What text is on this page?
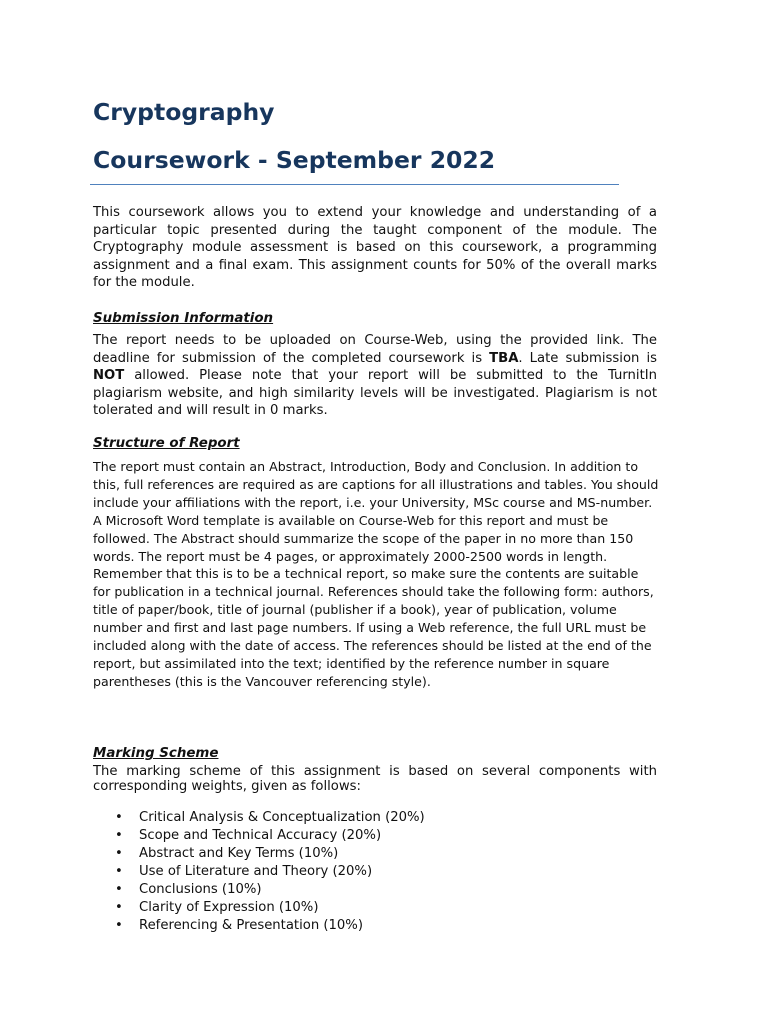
Cryptography
Coursework - September 2022

This coursework allows you to extend your knowledge and understanding of a particular topic presented during the taught component of the module. The Cryptography module assessment is based on this coursework, a programming assignment and a final exam. This assignment counts for 50% of the overall marks for the module.

Submission Information

The report needs to be uploaded on Course-Web, using the provided link. The deadline for submission of the completed coursework is TBA. Late submission is NOT allowed. Please note that your report will be submitted to the TurnitIn plagiarism website, and high similarity levels will be investigated. Plagiarism is not tolerated and will result in 0 marks.

Structure of Report

The report must contain an Abstract, Introduction, Body and Conclusion. In addition to this, full references are required as are captions for all illustrations and tables. You should include your affiliations with the report, i.e. your University, MSc course and MS-number. A Microsoft Word template is available on Course-Web for this report and must be followed. The Abstract should summarize the scope of the paper in no more than 150 words. The report must be 4 pages, or approximately 2000-2500 words in length. Remember that this is to be a technical report, so make sure the contents are suitable for publication in a technical journal. References should take the following form: authors, title of paper/book, title of journal (publisher if a book), year of publication, volume number and first and last page numbers. If using a Web reference, the full URL must be included along with the date of access. The references should be listed at the end of the report, but assimilated into the text; identified by the reference number in square parentheses (this is the Vancouver referencing style).

Marking Scheme

The marking scheme of this assignment is based on several components with corresponding weights, given as follows:

• Critical Analysis & Conceptualization (20%)
• Scope and Technical Accuracy (20%)
• Abstract and Key Terms (10%)
• Use of Literature and Theory (20%)
• Conclusions (10%)
• Clarity of Expression (10%)
• Referencing & Presentation (10%)
